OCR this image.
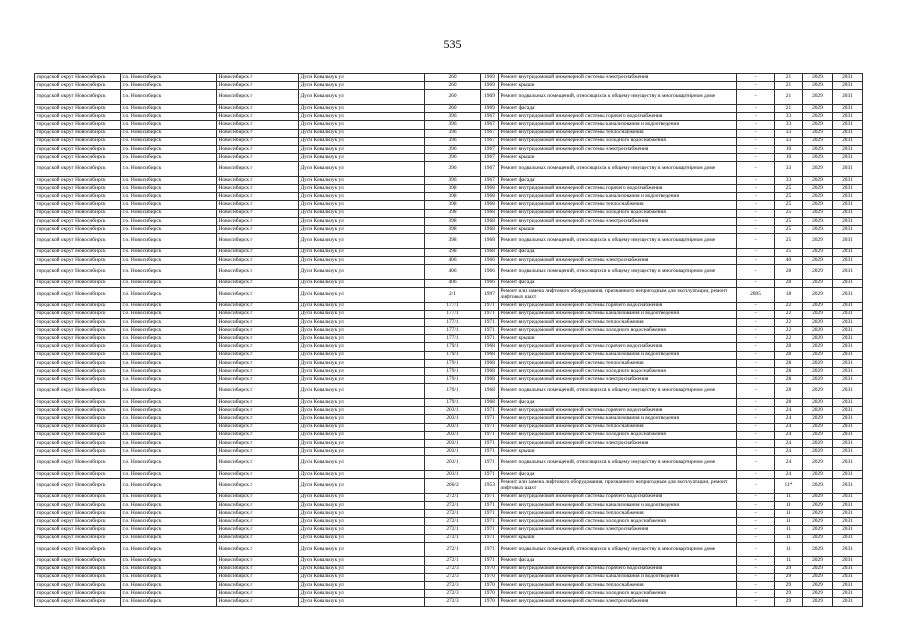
535
городской округ Новосибирск	г.о. Новосибирск	Новосибирск г	Дуси Ковальчук ул	260	1969	Ремонт внутридомовой инженерной системы электроснабжения	-	21	2029	2031
городской округ Новосибирск	г.о. Новосибирск	Новосибирск г	Дуси Ковальчук ул	260	1969	Ремонт крыши	-	21	2029	2031
городской округ Новосибирск	г.о. Новосибирск	Новосибирск г	Дуси Ковальчук ул	260	1969	Ремонт подвальных помещений, относящихся к общему имуществу в многоквартирном доме	-	21	2029	2031
городской округ Новосибирск	г.о. Новосибирск	Новосибирск г	Дуси Ковальчук ул	260	1969	Ремонт фасада	-	21	2029	2031
городской округ Новосибирск	г.о. Новосибирск	Новосибирск г	Дуси Ковальчук ул	396	1967	Ремонт внутридомовой инженерной системы горячего водоснабжения	-	33	2029	2031
городской округ Новосибирск	г.о. Новосибирск	Новосибирск г	Дуси Ковальчук ул	396	1967	Ремонт внутридомовой инженерной системы канализования и водоотведения	-	33	2029	2031
городской округ Новосибирск	г.о. Новосибирск	Новосибирск г	Дуси Ковальчук ул	396	1967	Ремонт внутридомовой инженерной системы теплоснабжения	-	33	2029	2031
городской округ Новосибирск	г.о. Новосибирск	Новосибирск г	Дуси Ковальчук ул	396	1967	Ремонт внутридомовой инженерной системы холодного водоснабжения	-	33	2029	2031
городской округ Новосибирск	г.о. Новосибирск	Новосибирск г	Дуси Ковальчук ул	396	1967	Ремонт внутридомовой инженерной системы электроснабжения	-	10	2029	2031
городской округ Новосибирск	г.о. Новосибирск	Новосибирск г	Дуси Ковальчук ул	396	1967	Ремонт крыши	-	10	2029	2031
городской округ Новосибирск	г.о. Новосибирск	Новосибирск г	Дуси Ковальчук ул	396	1967	Ремонт подвальных помещений, относящихся к общему имуществу в многоквартирном доме	-	33	2029	2031
городской округ Новосибирск	г.о. Новосибирск	Новосибирск г	Дуси Ковальчук ул	396	1967	Ремонт фасада	-	33	2029	2031
городской округ Новосибирск	г.о. Новосибирск	Новосибирск г	Дуси Ковальчук ул	398	1968	Ремонт внутридомовой инженерной системы горячего водоснабжения	-	25	2029	2031
городской округ Новосибирск	г.о. Новосибирск	Новосибирск г	Дуси Ковальчук ул	398	1968	Ремонт внутридомовой инженерной системы канализования и водоотведения	-	25	2029	2031
городской округ Новосибирск	г.о. Новосибирск	Новосибирск г	Дуси Ковальчук ул	398	1968	Ремонт внутридомовой инженерной системы теплоснабжения	-	25	2029	2031
городской округ Новосибирск	г.о. Новосибирск	Новосибирск г	Дуси Ковальчук ул	398	1968	Ремонт внутридомовой инженерной системы холодного водоснабжения	-	25	2029	2031
городской округ Новосибирск	г.о. Новосибирск	Новосибирск г	Дуси Ковальчук ул	398	1968	Ремонт внутридомовой инженерной системы электроснабжения	-	25	2029	2031
городской округ Новосибирск	г.о. Новосибирск	Новосибирск г	Дуси Ковальчук ул	398	1968	Ремонт крыши	-	25	2029	2031
городской округ Новосибирск	г.о. Новосибирск	Новосибирск г	Дуси Ковальчук ул	398	1968	Ремонт подвальных помещений, относящихся к общему имуществу в многоквартирном доме	-	25	2029	2031
городской округ Новосибирск	г.о. Новосибирск	Новосибирск г	Дуси Ковальчук ул	398	1968	Ремонт фасада	-	25	2029	2031
городской округ Новосибирск	г.о. Новосибирск	Новосибирск г	Дуси Ковальчук ул	406	1966	Ремонт внутридомовой инженерной системы электроснабжения	-	40	2029	2031
городской округ Новосибирск	г.о. Новосибирск	Новосибирск г	Дуси Ковальчук ул	406	1966	Ремонт подвальных помещений, относящихся к общему имуществу в многоквартирном доме	-	28	2029	2031
городской округ Новосибирск	г.о. Новосибирск	Новосибирск г	Дуси Ковальчук ул	406	1966	Ремонт фасада	-	28	2029	2031
городской округ Новосибирск	г.о. Новосибирск	Новосибирск г	Дуси Ковальчук ул	2/1	1997	Ремонт или замена лифтового оборудования, признанного непригодным для эксплуатации, ремонт лифтовых шахт	2005	18	2029	2031
городской округ Новосибирск	г.о. Новосибирск	Новосибирск г	Дуси Ковальчук ул	177/1	1971	Ремонт внутридомовой инженерной системы горячего водоснабжения	-	22	2029	2031
городской округ Новосибирск	г.о. Новосибирск	Новосибирск г	Дуси Ковальчук ул	177/1	1971	Ремонт внутридомовой инженерной системы канализования и водоотведения	-	22	2029	2031
городской округ Новосибирск	г.о. Новосибирск	Новосибирск г	Дуси Ковальчук ул	177/1	1971	Ремонт внутридомовой инженерной системы теплоснабжения	-	22	2029	2031
городской округ Новосибирск	г.о. Новосибирск	Новосибирск г	Дуси Ковальчук ул	177/1	1971	Ремонт внутридомовой инженерной системы холодного водоснабжения	-	22	2029	2031
городской округ Новосибирск	г.о. Новосибирск	Новосибирск г	Дуси Ковальчук ул	177/1	1971	Ремонт крыши	-	22	2029	2031
городской округ Новосибирск	г.о. Новосибирск	Новосибирск г	Дуси Ковальчук ул	179/1	1968	Ремонт внутридомовой инженерной системы горячего водоснабжения	-	28	2029	2031
городской округ Новосибирск	г.о. Новосибирск	Новосибирск г	Дуси Ковальчук ул	179/1	1968	Ремонт внутридомовой инженерной системы канализования и водоотведения	-	28	2029	2031
городской округ Новосибирск	г.о. Новосибирск	Новосибирск г	Дуси Ковальчук ул	179/1	1968	Ремонт внутридомовой инженерной системы теплоснабжения	-	28	2029	2031
городской округ Новосибирск	г.о. Новосибирск	Новосибирск г	Дуси Ковальчук ул	179/1	1968	Ремонт внутридомовой инженерной системы холодного водоснабжения	-	28	2029	2031
городской округ Новосибирск	г.о. Новосибирск	Новосибирск г	Дуси Ковальчук ул	179/1	1968	Ремонт внутридомовой инженерной системы электроснабжения	-	28	2029	2031
городской округ Новосибирск	г.о. Новосибирск	Новосибирск г	Дуси Ковальчук ул	179/1	1968	Ремонт подвальных помещений, относящихся к общему имуществу в многоквартирном доме	-	28	2029	2031
городской округ Новосибирск	г.о. Новосибирск	Новосибирск г	Дуси Ковальчук ул	179/1	1968	Ремонт фасада	-	28	2029	2031
городской округ Новосибирск	г.о. Новосибирск	Новосибирск г	Дуси Ковальчук ул	203/1	1971	Ремонт внутридомовой инженерной системы горячего водоснабжения	-	24	2029	2031
городской округ Новосибирск	г.о. Новосибирск	Новосибирск г	Дуси Ковальчук ул	203/1	1971	Ремонт внутридомовой инженерной системы канализования и водоотведения	-	24	2029	2031
городской округ Новосибирск	г.о. Новосибирск	Новосибирск г	Дуси Ковальчук ул	203/1	1971	Ремонт внутридомовой инженерной системы теплоснабжения	-	24	2029	2031
городской округ Новосибирск	г.о. Новосибирск	Новосибирск г	Дуси Ковальчук ул	203/1	1971	Ремонт внутридомовой инженерной системы холодного водоснабжения	-	24	2029	2031
городской округ Новосибирск	г.о. Новосибирск	Новосибирск г	Дуси Ковальчук ул	203/1	1971	Ремонт внутридомовой инженерной системы электроснабжения	-	24	2029	2031
городской округ Новосибирск	г.о. Новосибирск	Новосибирск г	Дуси Ковальчук ул	203/1	1971	Ремонт крыши	-	24	2029	2031
городской округ Новосибирск	г.о. Новосибирск	Новосибирск г	Дуси Ковальчук ул	203/1	1971	Ремонт подвальных помещений, относящихся к общему имуществу в многоквартирном доме	-	24	2029	2031
городской округ Новосибирск	г.о. Новосибирск	Новосибирск г	Дуси Ковальчук ул	203/1	1971	Ремонт фасада	-	24	2029	2031
городской округ Новосибирск	г.о. Новосибирск	Новосибирск г	Дуси Ковальчук ул	260/2	1953	Ремонт или замена лифтового оборудования, признанного непригодным для эксплуатации, ремонт лифтовых шахт	-	11*	2029	2031
городской округ Новосибирск	г.о. Новосибирск	Новосибирск г	Дуси Ковальчук ул	272/1	1971	Ремонт внутридомовой инженерной системы горячего водоснабжения	-	11	2029	2031
городской округ Новосибирск	г.о. Новосибирск	Новосибирск г	Дуси Ковальчук ул	272/1	1971	Ремонт внутридомовой инженерной системы канализования и водоотведения	-	11	2029	2031
городской округ Новосибирск	г.о. Новосибирск	Новосибирск г	Дуси Ковальчук ул	272/1	1971	Ремонт внутридомовой инженерной системы теплоснабжения	-	11	2029	2031
городской округ Новосибирск	г.о. Новосибирск	Новосибирск г	Дуси Ковальчук ул	272/1	1971	Ремонт внутридомовой инженерной системы холодного водоснабжения	-	11	2029	2031
городской округ Новосибирск	г.о. Новосибирск	Новосибирск г	Дуси Ковальчук ул	272/1	1971	Ремонт внутридомовой инженерной системы электроснабжения	-	11	2029	2031
городской округ Новосибирск	г.о. Новосибирск	Новосибирск г	Дуси Ковальчук ул	272/1	1971	Ремонт крыши	-	11	2029	2031
городской округ Новосибирск	г.о. Новосибирск	Новосибирск г	Дуси Ковальчук ул	272/1	1971	Ремонт подвальных помещений, относящихся к общему имуществу в многоквартирном доме	-	11	2029	2031
городской округ Новосибирск	г.о. Новосибирск	Новосибирск г	Дуси Ковальчук ул	272/1	1971	Ремонт фасада	-	11	2029	2031
городской округ Новосибирск	г.о. Новосибирск	Новосибирск г	Дуси Ковальчук ул	272/3	1970	Ремонт внутридомовой инженерной системы горячего водоснабжения	-	29	2029	2031
городской округ Новосибирск	г.о. Новосибирск	Новосибирск г	Дуси Ковальчук ул	272/3	1970	Ремонт внутридомовой инженерной системы канализования и водоотведения	-	29	2029	2031
городской округ Новосибирск	г.о. Новосибирск	Новосибирск г	Дуси Ковальчук ул	272/3	1970	Ремонт внутридомовой инженерной системы теплоснабжения	-	29	2029	2031
городской округ Новосибирск	г.о. Новосибирск	Новосибирск г	Дуси Ковальчук ул	272/3	1970	Ремонт внутридомовой инженерной системы холодного водоснабжения	-	29	2029	2031
городской округ Новосибирск	г.о. Новосибирск	Новосибирск г	Дуси Ковальчук ул	272/3	1970	Ремонт внутридомовой инженерной системы электроснабжения	-	29	2029	2031
